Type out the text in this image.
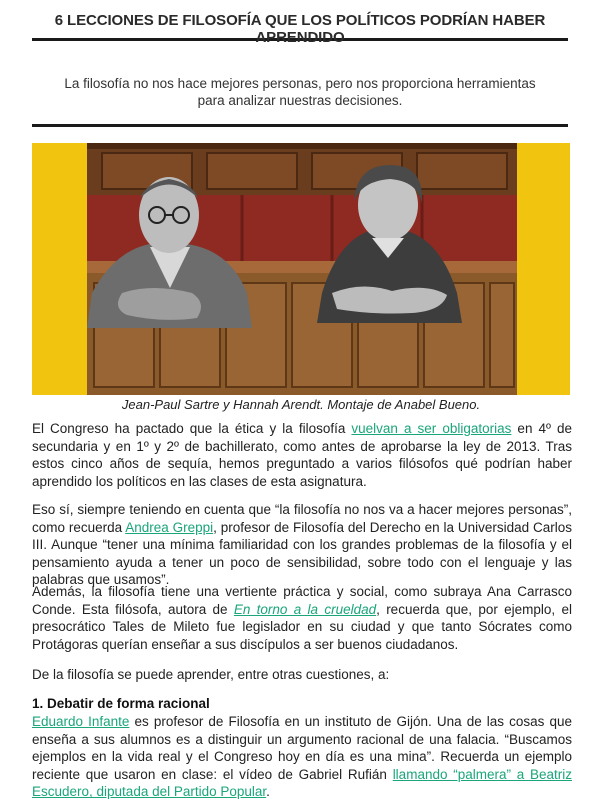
6 LECCIONES DE FILOSOFÍA QUE LOS POLÍTICOS PODRÍAN HABER APRENDIDO
La filosofía no nos hace mejores personas, pero nos proporciona herramientas para analizar nuestras decisiones.
Jean-Paul Sartre y Hannah Arendt. Montaje de Anabel Bueno.

El Congreso ha pactado que la ética y la filosofía vuelvan a ser obligatorias en 4º de secundaria y en 1º y 2º de bachillerato, como antes de aprobarse la ley de 2013. Tras estos cinco años de sequía, hemos preguntado a varios filósofos qué podrían haber aprendido los políticos en las clases de esta asignatura.

Eso sí, siempre teniendo en cuenta que “la filosofía no nos va a hacer mejores personas”, como recuerda Andrea Greppi, profesor de Filosofía del Derecho en la Universidad Carlos III. Aunque “tener una mínima familiaridad con los grandes problemas de la filosofía y el pensamiento ayuda a tener un poco de sensibilidad, sobre todo con el lenguaje y las palabras que usamos”.

Además, la filosofía tiene una vertiente práctica y social, como subraya Ana Carrasco Conde. Esta filósofa, autora de En torno a la crueldad, recuerda que, por ejemplo, el presocrático Tales de Mileto fue legislador en su ciudad y que tanto Sócrates como Protágoras querían enseñar a sus discípulos a ser buenos ciudadanos.

De la filosofía se puede aprender, entre otras cuestiones, a:

1. Debatir de forma racional

Eduardo Infante es profesor de Filosofía en un instituto de Gijón. Una de las cosas que enseña a sus alumnos es a distinguir un argumento racional de una falacia. “Buscamos ejemplos en la vida real y el Congreso hoy en día es una mina”. Recuerda un ejemplo reciente que usaron en clase: el vídeo de Gabriel Rufián llamando “palmera” a Beatriz Escudero, diputada del Partido Popular.
